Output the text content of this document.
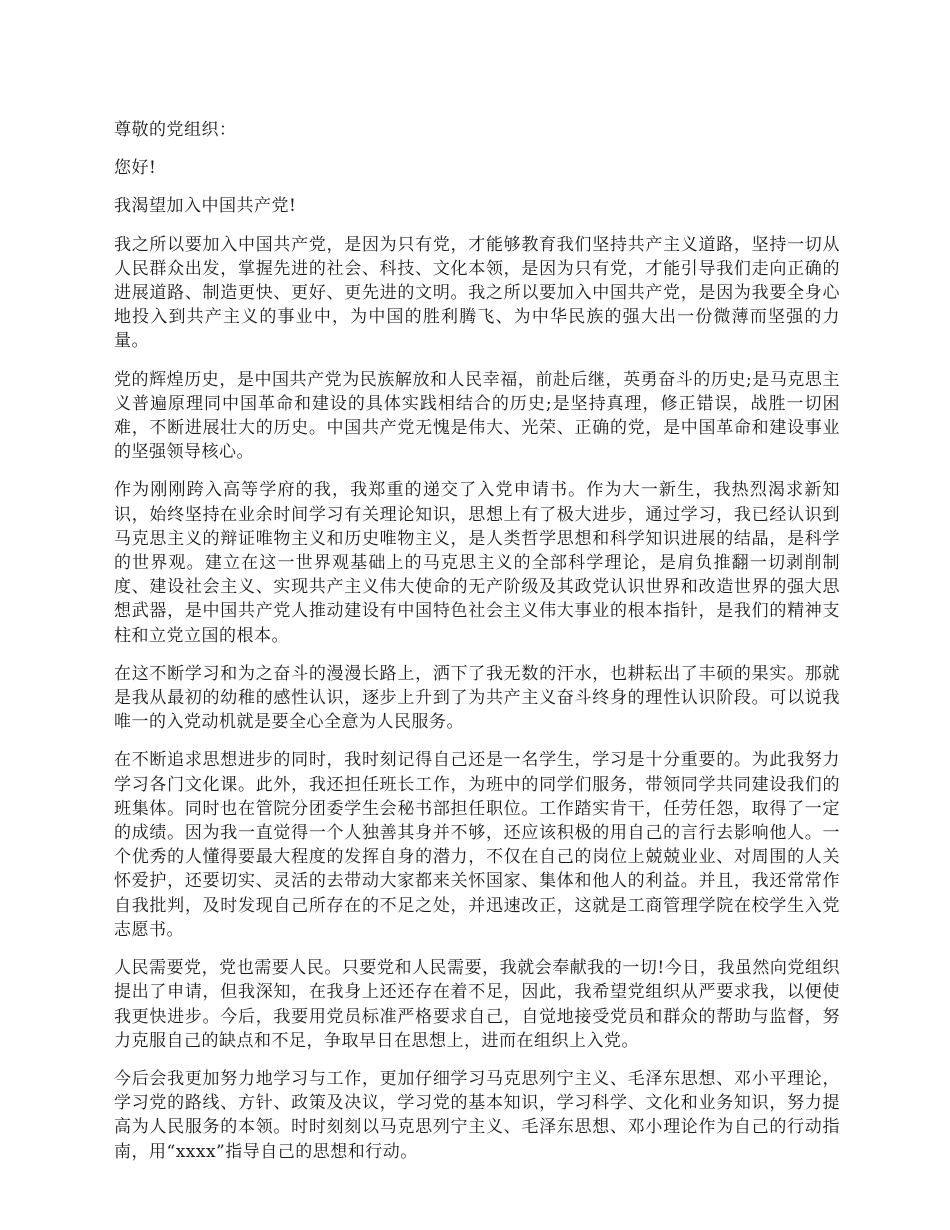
尊敬的党组织：

您好!

我渴望加入中国共产党!

我之所以要加入中国共产党，是因为只有党，才能够教育我们坚持共产主义道路，坚持一切从人民群众出发，掌握先进的社会、科技、文化本领，是因为只有党，才能引导我们走向正确的进展道路、制造更快、更好、更先进的文明。我之所以要加入中国共产党，是因为我要全身心地投入到共产主义的事业中，为中国的胜利腾飞、为中华民族的强大出一份微薄而坚强的力量。

党的辉煌历史，是中国共产党为民族解放和人民幸福，前赴后继，英勇奋斗的历史;是马克思主义普遍原理同中国革命和建设的具体实践相结合的历史;是坚持真理，修正错误，战胜一切困难，不断进展壮大的历史。中国共产党无愧是伟大、光荣、正确的党，是中国革命和建设事业的坚强领导核心。

作为刚刚跨入高等学府的我，我郑重的递交了入党申请书。作为大一新生，我热烈渴求新知识，始终坚持在业余时间学习有关理论知识，思想上有了极大进步，通过学习，我已经认识到马克思主义的辩证唯物主义和历史唯物主义，是人类哲学思想和科学知识进展的结晶，是科学的世界观。建立在这一世界观基础上的马克思主义的全部科学理论，是肩负推翻一切剥削制度、建设社会主义、实现共产主义伟大使命的无产阶级及其政党认识世界和改造世界的强大思想武器，是中国共产党人推动建设有中国特色社会主义伟大事业的根本指针，是我们的精神支柱和立党立国的根本。

在这不断学习和为之奋斗的漫漫长路上，洒下了我无数的汗水，也耕耘出了丰硕的果实。那就是我从最初的幼稚的感性认识，逐步上升到了为共产主义奋斗终身的理性认识阶段。可以说我唯一的入党动机就是要全心全意为人民服务。

在不断追求思想进步的同时，我时刻记得自己还是一名学生，学习是十分重要的。为此我努力学习各门文化课。此外，我还担任班长工作，为班中的同学们服务，带领同学共同建设我们的班集体。同时也在管院分团委学生会秘书部担任职位。工作踏实肯干，任劳任怨，取得了一定的成绩。因为我一直觉得一个人独善其身并不够，还应该积极的用自己的言行去影响他人。一个优秀的人懂得要最大程度的发挥自身的潜力，不仅在自己的岗位上兢兢业业、对周围的人关怀爱护，还要切实、灵活的去带动大家都来关怀国家、集体和他人的利益。并且，我还常常作自我批判，及时发现自己所存在的不足之处，并迅速改正，这就是工商管理学院在校学生入党志愿书。

人民需要党，党也需要人民。只要党和人民需要，我就会奉献我的一切!今日，我虽然向党组织提出了申请，但我深知，在我身上还还存在着不足，因此，我希望党组织从严要求我，以便使我更快进步。今后，我要用党员标准严格要求自己，自觉地接受党员和群众的帮助与监督，努力克服自己的缺点和不足，争取早日在思想上，进而在组织上入党。

今后会我更加努力地学习与工作，更加仔细学习马克思列宁主义、毛泽东思想、邓小平理论，学习党的路线、方针、政策及决议，学习党的基本知识，学习科学、文化和业务知识，努力提高为人民服务的本领。时时刻刻以马克思列宁主义、毛泽东思想、邓小理论作为自己的行动指南，用“xxxx”指导自己的思想和行动。
